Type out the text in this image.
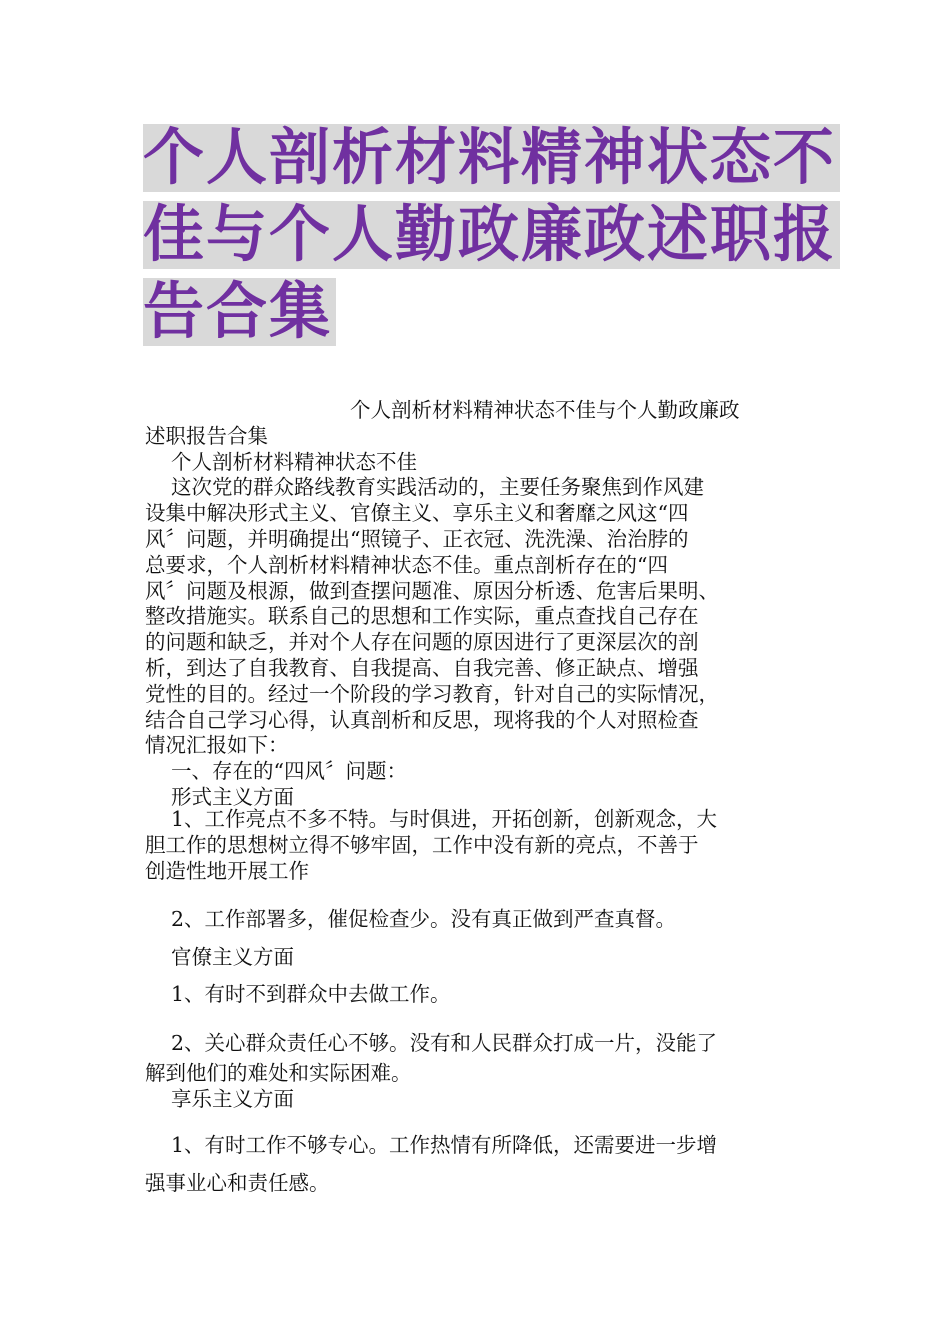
个人剖析材料精神状态不 佳与个人勤政廉政述职报 告合集
个人剖析材料精神状态不佳与个人勤政廉政
述职报告合集
个人剖析材料精神状态不佳
这次党的群众路线教育实践活动的，主要任务聚焦到作风建
设集中解决形式主义、官僚主义、享乐主义和奢靡之风这“四
风〞问题，并明确提出“照镜子、正衣冠、洗洗澡、治治脖的
总要求，个人剖析材料精神状态不佳。重点剖析存在的“四
风〞问题及根源，做到查摆问题准、原因分析透、危害后果明、
整改措施实。联系自己的思想和工作实际，重点查找自己存在
的问题和缺乏，并对个人存在问题的原因进行了更深层次的剖
析，到达了自我教育、自我提高、自我完善、修正缺点、增强
党性的目的。经过一个阶段的学习教育，针对自己的实际情况，
结合自己学习心得，认真剖析和反思，现将我的个人对照检查
情况汇报如下：
一、存在的“四风〞问题：
形式主义方面
1、工作亮点不多不特。与时俱进，开拓创新，创新观念，大
胆工作的思想树立得不够牢固，工作中没有新的亮点，不善于
创造性地开展工作
2、工作部署多，催促检查少。没有真正做到严查真督。
官僚主义方面
1、有时不到群众中去做工作。
2、关心群众责任心不够。没有和人民群众打成一片，没能了
解到他们的难处和实际困难。
享乐主义方面
1、有时工作不够专心。工作热情有所降低，还需要进一步增
强事业心和责任感。
